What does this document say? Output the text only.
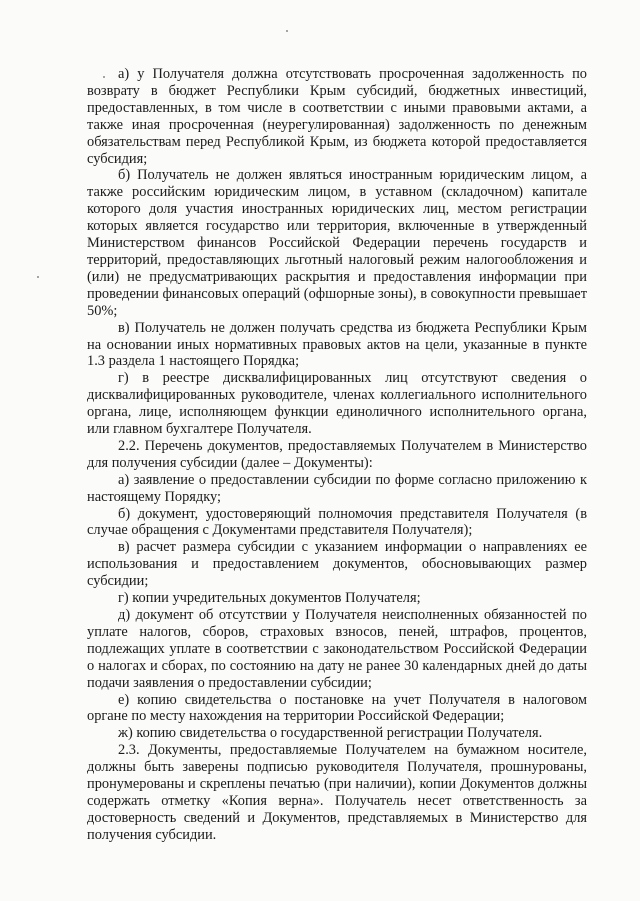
а) у Получателя должна отсутствовать просроченная задолженность по возврату в бюджет Республики Крым субсидий, бюджетных инвестиций, предоставленных, в том числе в соответствии с иными правовыми актами, а также иная просроченная (неурегулированная) задолженность по денежным обязательствам перед Республикой Крым, из бюджета которой предоставляется субсидия;

б) Получатель не должен являться иностранным юридическим лицом, а также российским юридическим лицом, в уставном (складочном) капитале которого доля участия иностранных юридических лиц, местом регистрации которых является государство или территория, включенные в утвержденный Министерством финансов Российской Федерации перечень государств и территорий, предоставляющих льготный налоговый режим налогообложения и (или) не предусматривающих раскрытия и предоставления информации при проведении финансовых операций (офшорные зоны), в совокупности превышает 50%;

в) Получатель не должен получать средства из бюджета Республики Крым на основании иных нормативных правовых актов на цели, указанные в пункте 1.3 раздела 1 настоящего Порядка;

г) в реестре дисквалифицированных лиц отсутствуют сведения о дисквалифицированных руководителе, членах коллегиального исполнительного органа, лице, исполняющем функции единоличного исполнительного органа, или главном бухгалтере Получателя.

2.2. Перечень документов, предоставляемых Получателем в Министерство для получения субсидии (далее – Документы):

а) заявление о предоставлении субсидии по форме согласно приложению к настоящему Порядку;

б) документ, удостоверяющий полномочия представителя Получателя (в случае обращения с Документами представителя Получателя);

в) расчет размера субсидии с указанием информации о направлениях ее использования и предоставлением документов, обосновывающих размер субсидии;

г) копии учредительных документов Получателя;

д) документ об отсутствии у Получателя неисполненных обязанностей по уплате налогов, сборов, страховых взносов, пеней, штрафов, процентов, подлежащих уплате в соответствии с законодательством Российской Федерации о налогах и сборах, по состоянию на дату не ранее 30 календарных дней до даты подачи заявления о предоставлении субсидии;

е) копию свидетельства о постановке на учет Получателя в налоговом органе по месту нахождения на территории Российской Федерации;

ж) копию свидетельства о государственной регистрации Получателя.

2.3. Документы, предоставляемые Получателем на бумажном носителе, должны быть заверены подписью руководителя Получателя, прошнурованы, пронумерованы и скреплены печатью (при наличии), копии Документов должны содержать отметку «Копия верна». Получатель несет ответственность за достоверность сведений и Документов, представляемых в Министерство для получения субсидии.
